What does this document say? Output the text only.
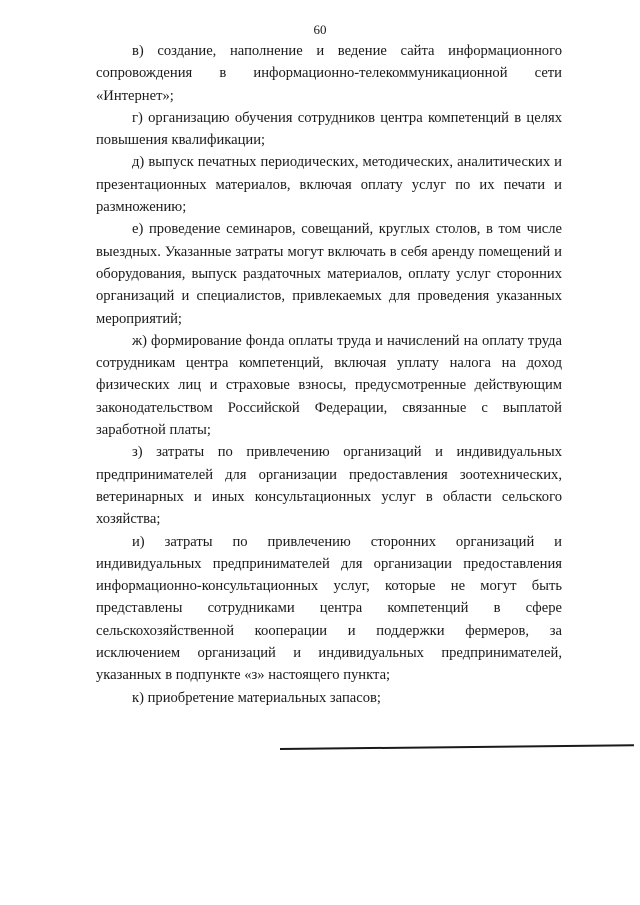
60

в) создание, наполнение и ведение сайта информационного сопровождения в информационно-телекоммуникационной сети «Интернет»;

г) организацию обучения сотрудников центра компетенций в целях повышения квалификации;

д) выпуск печатных периодических, методических, аналитических и презентационных материалов, включая оплату услуг по их печати и размножению;

е) проведение семинаров, совещаний, круглых столов, в том числе выездных. Указанные затраты могут включать в себя аренду помещений и оборудования, выпуск раздаточных материалов, оплату услуг сторонних организаций и специалистов, привлекаемых для проведения указанных мероприятий;

ж) формирование фонда оплаты труда и начислений на оплату труда сотрудникам центра компетенций, включая уплату налога на доход физических лиц и страховые взносы, предусмотренные действующим законодательством Российской Федерации, связанные с выплатой заработной платы;

з) затраты по привлечению организаций и индивидуальных предпринимателей для организации предоставления зоотехнических, ветеринарных и иных консультационных услуг в области сельского хозяйства;

и) затраты по привлечению сторонних организаций и индивидуальных предпринимателей для организации предоставления информационно-консультационных услуг, которые не могут быть представлены сотрудниками центра компетенций в сфере сельскохозяйственной кооперации и поддержки фермеров, за исключением организаций и индивидуальных предпринимателей, указанных в подпункте «з» настоящего пункта;

к) приобретение материальных запасов;
